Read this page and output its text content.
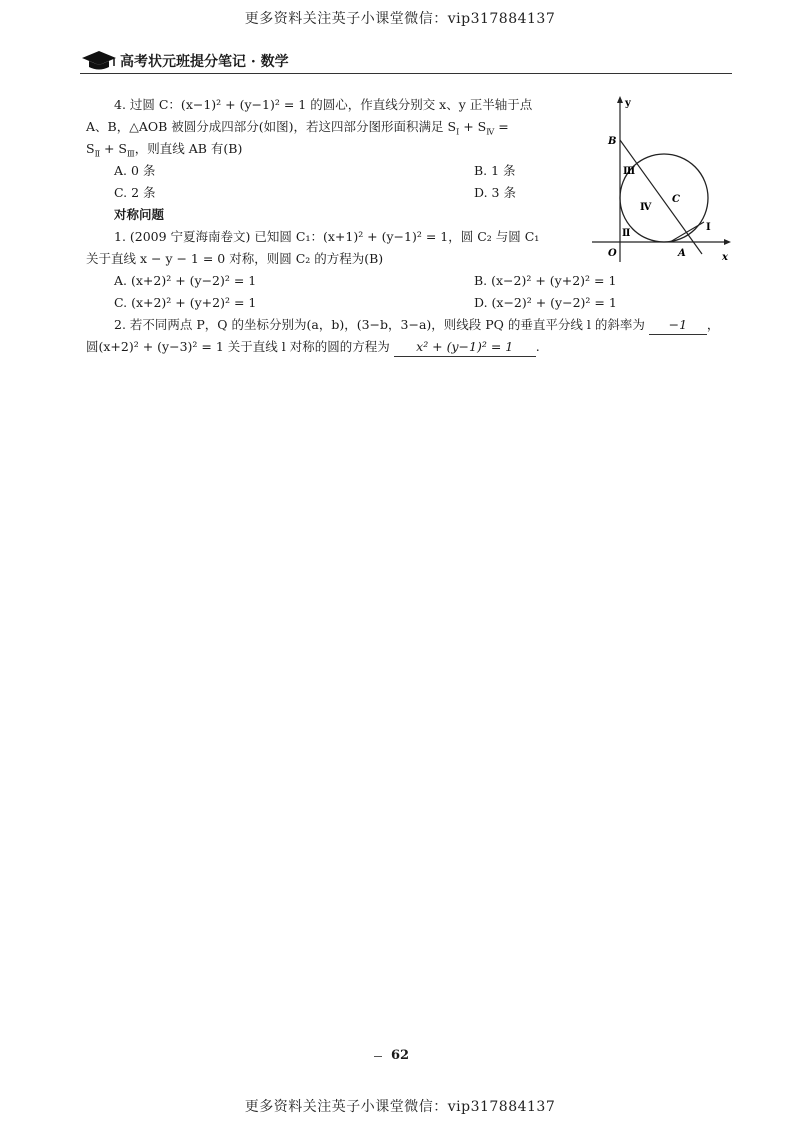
更多资料关注英子小课堂微信：vip317884137
高考状元班提分笔记 · 数学
4. 过圆 C：(x−1)² + (y−1)² = 1 的圆心，作直线分别交 x、y 正半轴于点
A、B，△AOB 被圆分成四部分(如图)，若这四部分图形面积满足 $S_Ⅰ + S_Ⅳ$ =
$S_Ⅱ + S_Ⅲ$，则直线 AB 有(B)
A. 0 条	B. 1 条
C. 2 条	D. 3 条
对称问题
1. (2009 宁夏海南卷文) 已知圆 C₁：(x+1)² + (y−1)² = 1，圆 C₂ 与圆 C₁
关于直线 x − y − 1 = 0 对称，则圆 C₂ 的方程为(B)
A. (x+2)² + (y−2)² = 1	B. (x−2)² + (y+2)² = 1
C. (x+2)² + (y+2)² = 1	D. (x−2)² + (y−2)² = 1
2. 若不同两点 P，Q 的坐标分别为(a，b)，(3−b，3−a)，则线段 PQ 的垂直平分线 l 的斜率为 −1 ，
圆(x+2)² + (y−3)² = 1 关于直线 l 对称的圆的方程为 x² + (y−1)² = 1 .
y
x
O	A
B
C
Ⅰ
Ⅱ
Ⅲ
Ⅳ
62
更多资料关注英子小课堂微信：vip317884137
